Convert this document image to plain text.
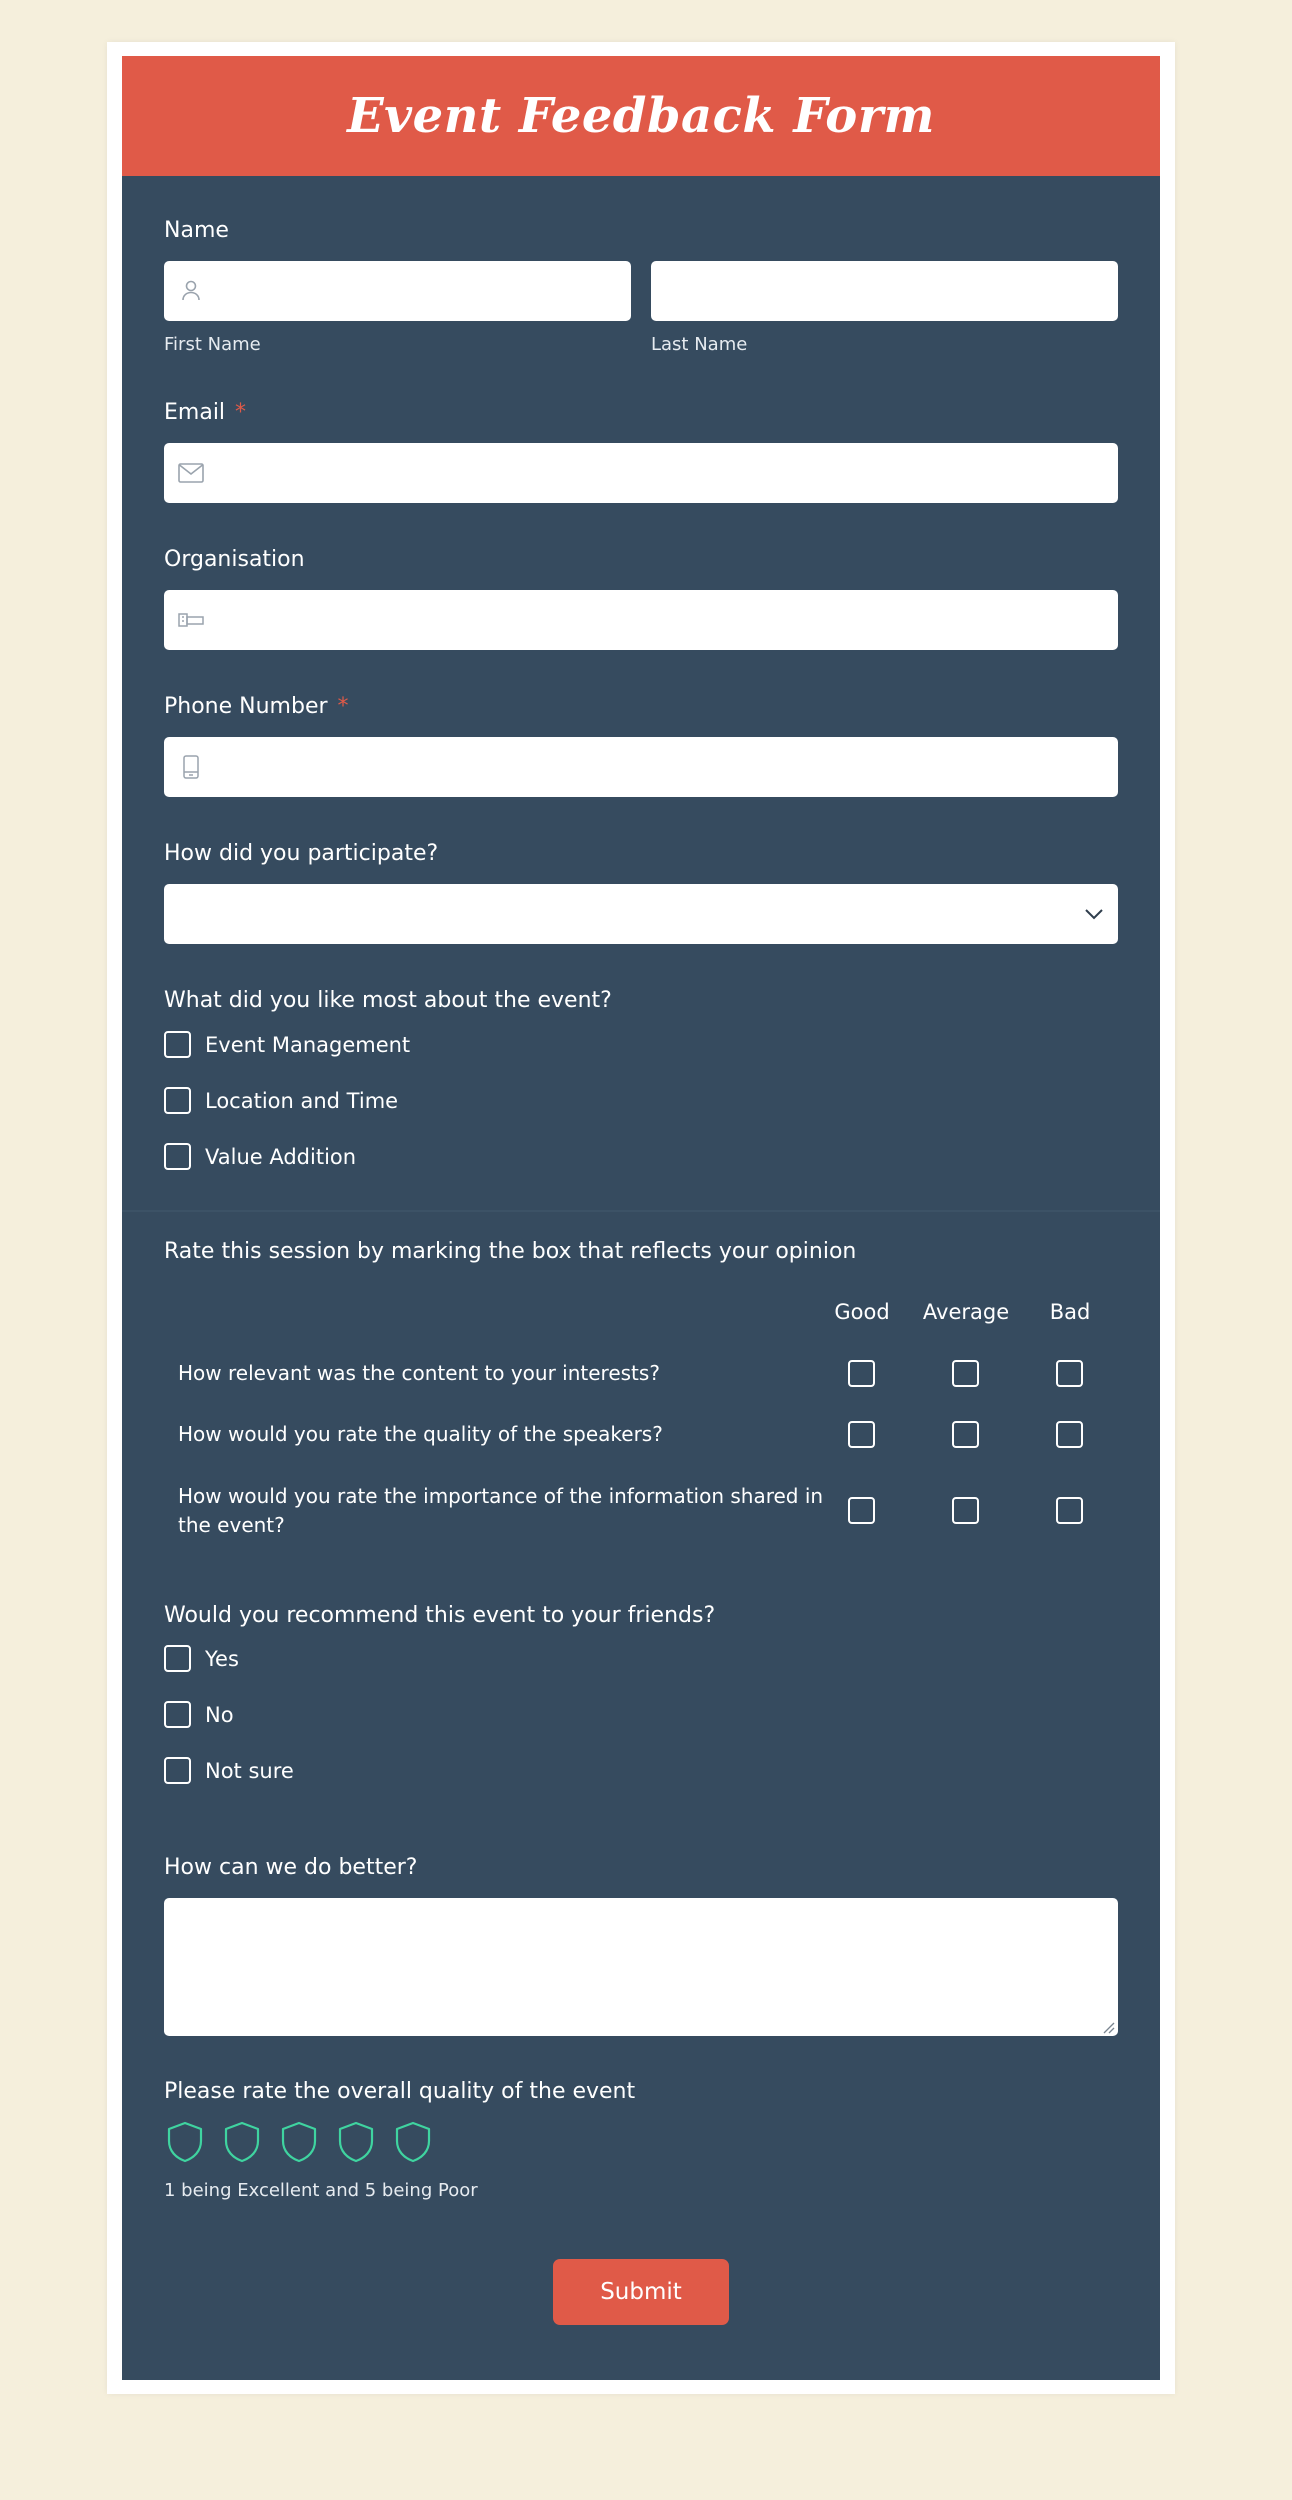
Event Feedback Form
Name
First Name	Last Name
Email *
Organisation
Phone Number *
How did you participate?
What did you like most about the event?
Event Management
Location and Time
Value Addition
Rate this session by marking the box that reflects your opinion
Good	Average	Bad
How relevant was the content to your interests?
How would you rate the quality of the speakers?
How would you rate the importance of the information shared in the event?
Would you recommend this event to your friends?
Yes
No
Not sure
How can we do better?
Please rate the overall quality of the event
1 being Excellent and 5 being Poor
Submit
